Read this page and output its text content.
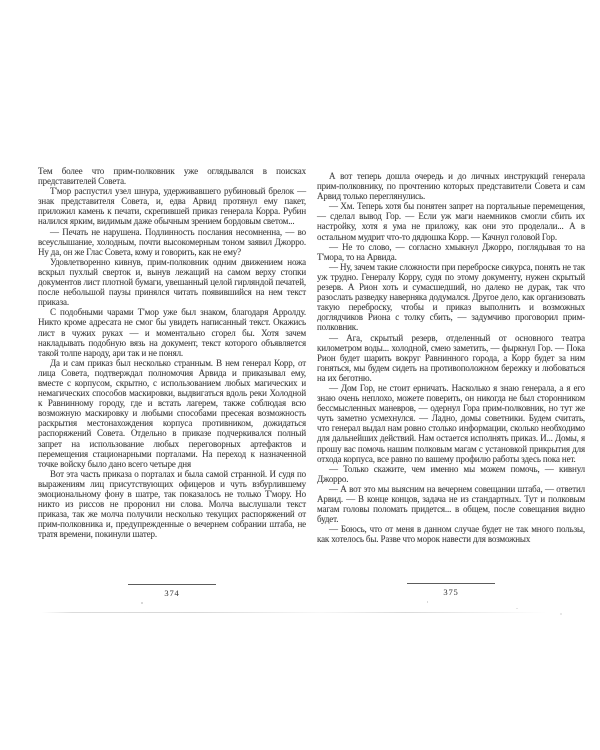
Тем более что прим-полковник уже оглядывался в поисках представителей Совета.

Т'мор распустил узел шнура, удерживавшего рубиновый брелок — знак представителя Совета, и, едва Арвид протянул ему пакет, приложил камень к печати, скрепившей приказ генерала Корра. Рубин налился ярким, видимым даже обычным зрением бордовым светом...

— Печать не нарушена. Подлинность послания несомненна, — во всеуслышание, холодным, почти высокомерным тоном заявил Джорро. Ну да, он же Глас Совета, кому и говорить, как не ему?

Удовлетворенно кивнув, прим-полковник одним движением ножа вскрыл пухлый сверток и, вынув лежащий на самом верху стопки документов лист плотной бумаги, увешанный целой гирляндой печатей, после небольшой паузы принялся читать появившийся на нем текст приказа.

С подобными чарами Т'мор уже был знаком, благодаря Арролду. Никто кроме адресата не смог бы увидеть написанный текст. Окажись лист в чужих руках — и моментально сгорел бы. Хотя зачем накладывать подобную вязь на документ, текст которого объявляется такой толпе народу, ари так и не понял.

Да и сам приказ был несколько странным. В нем генерал Корр, от лица Совета, подтверждал полномочия Арвида и приказывал ему, вместе с корпусом, скрытно, с использованием любых магических и немагических способов маскировки, выдвигаться вдоль реки Холодной к Равнинному городу, где и встать лагерем, также соблюдая всю возможную маскировку и любыми способами пресекая возможность раскрытия местонахождения корпуса противником, дожидаться распоряжений Совета. Отдельно в приказе подчеркивался полный запрет на использование любых переговорных артефактов и перемещения стационарными порталами. На переход к назначенной точке войску было дано всего четыре дня

Вот эта часть приказа о порталах и была самой странной. И судя по выражениям лиц присутствующих офицеров и чуть взбурлившему эмоциональному фону в шатре, так показалось не только Т'мору. Но никто из риссов не проронил ни слова. Молча выслушали текст приказа, так же молча получили несколько текущих распоряжений от прим-полковника и, предупрежденные о вечернем собрании штаба, не тратя времени, покинули шатер.

А вот теперь дошла очередь и до личных инструкций генерала прим-полковнику, по прочтению которых представители Совета и сам Арвид только переглянулись.

— Хм. Теперь хотя бы понятен запрет на портальные перемещения, — сделал вывод Гор. — Если уж маги наемников смогли сбить их настройку, хотя я ума не приложу, как они это проделали... А в остальном мудрит что-то дядюшка Корр. — Качнул головой Гор.

— Не то слово, — согласно хмыкнул Джорро, поглядывая то на Т'мора, то на Арвида.

— Ну, зачем такие сложности при переброске сикурса, понять не так уж трудно. Генералу Корру, судя по этому документу, нужен скрытый резерв. А Рион хоть и сумасшедший, но далеко не дурак, так что разослать разведку наверняка додумался. Другое дело, как организовать такую переброску, чтобы и приказ выполнить и возможных доглядчиков Риона с толку сбить, — задумчиво проговорил прим-полковник.

— Ага, скрытый резерв, отделенный от основного театра километром воды... холодной, смею заметить, — фыркнул Гор. — Пока Рион будет шарить вокруг Равнинного города, а Корр будет за ним гоняться, мы будем сидеть на противоположном бережку и любоваться на их беготню.

— Дом Гор, не стоит ерничать. Насколько я знаю генерала, а я его знаю очень неплохо, можете поверить, он никогда не был сторонником бессмысленных маневров, — одернул Гора прим-полковник, но тут же чуть заметно усмехнулся. — Ладно, домы советники. Будем считать, что генерал выдал нам ровно столько информации, сколько необходимо для дальнейших действий. Нам остается исполнять приказ. И... Домы, я прошу вас помочь нашим полковым магам с установкой прикрытия для отхода корпуса, все равно по вашему профилю работы здесь пока нет.

— Только скажите, чем именно мы можем помочь, — кивнул Джорро.

— А вот это мы выясним на вечернем совещании штаба, — ответил Арвид. — В конце концов, задача не из стандартных. Тут и полковым магам головы поломать придется... в общем, после совещания видно будет.

— Боюсь, что от меня в данном случае будет не так много пользы, как хотелось бы. Разве что морок навести для возможных

374	375
